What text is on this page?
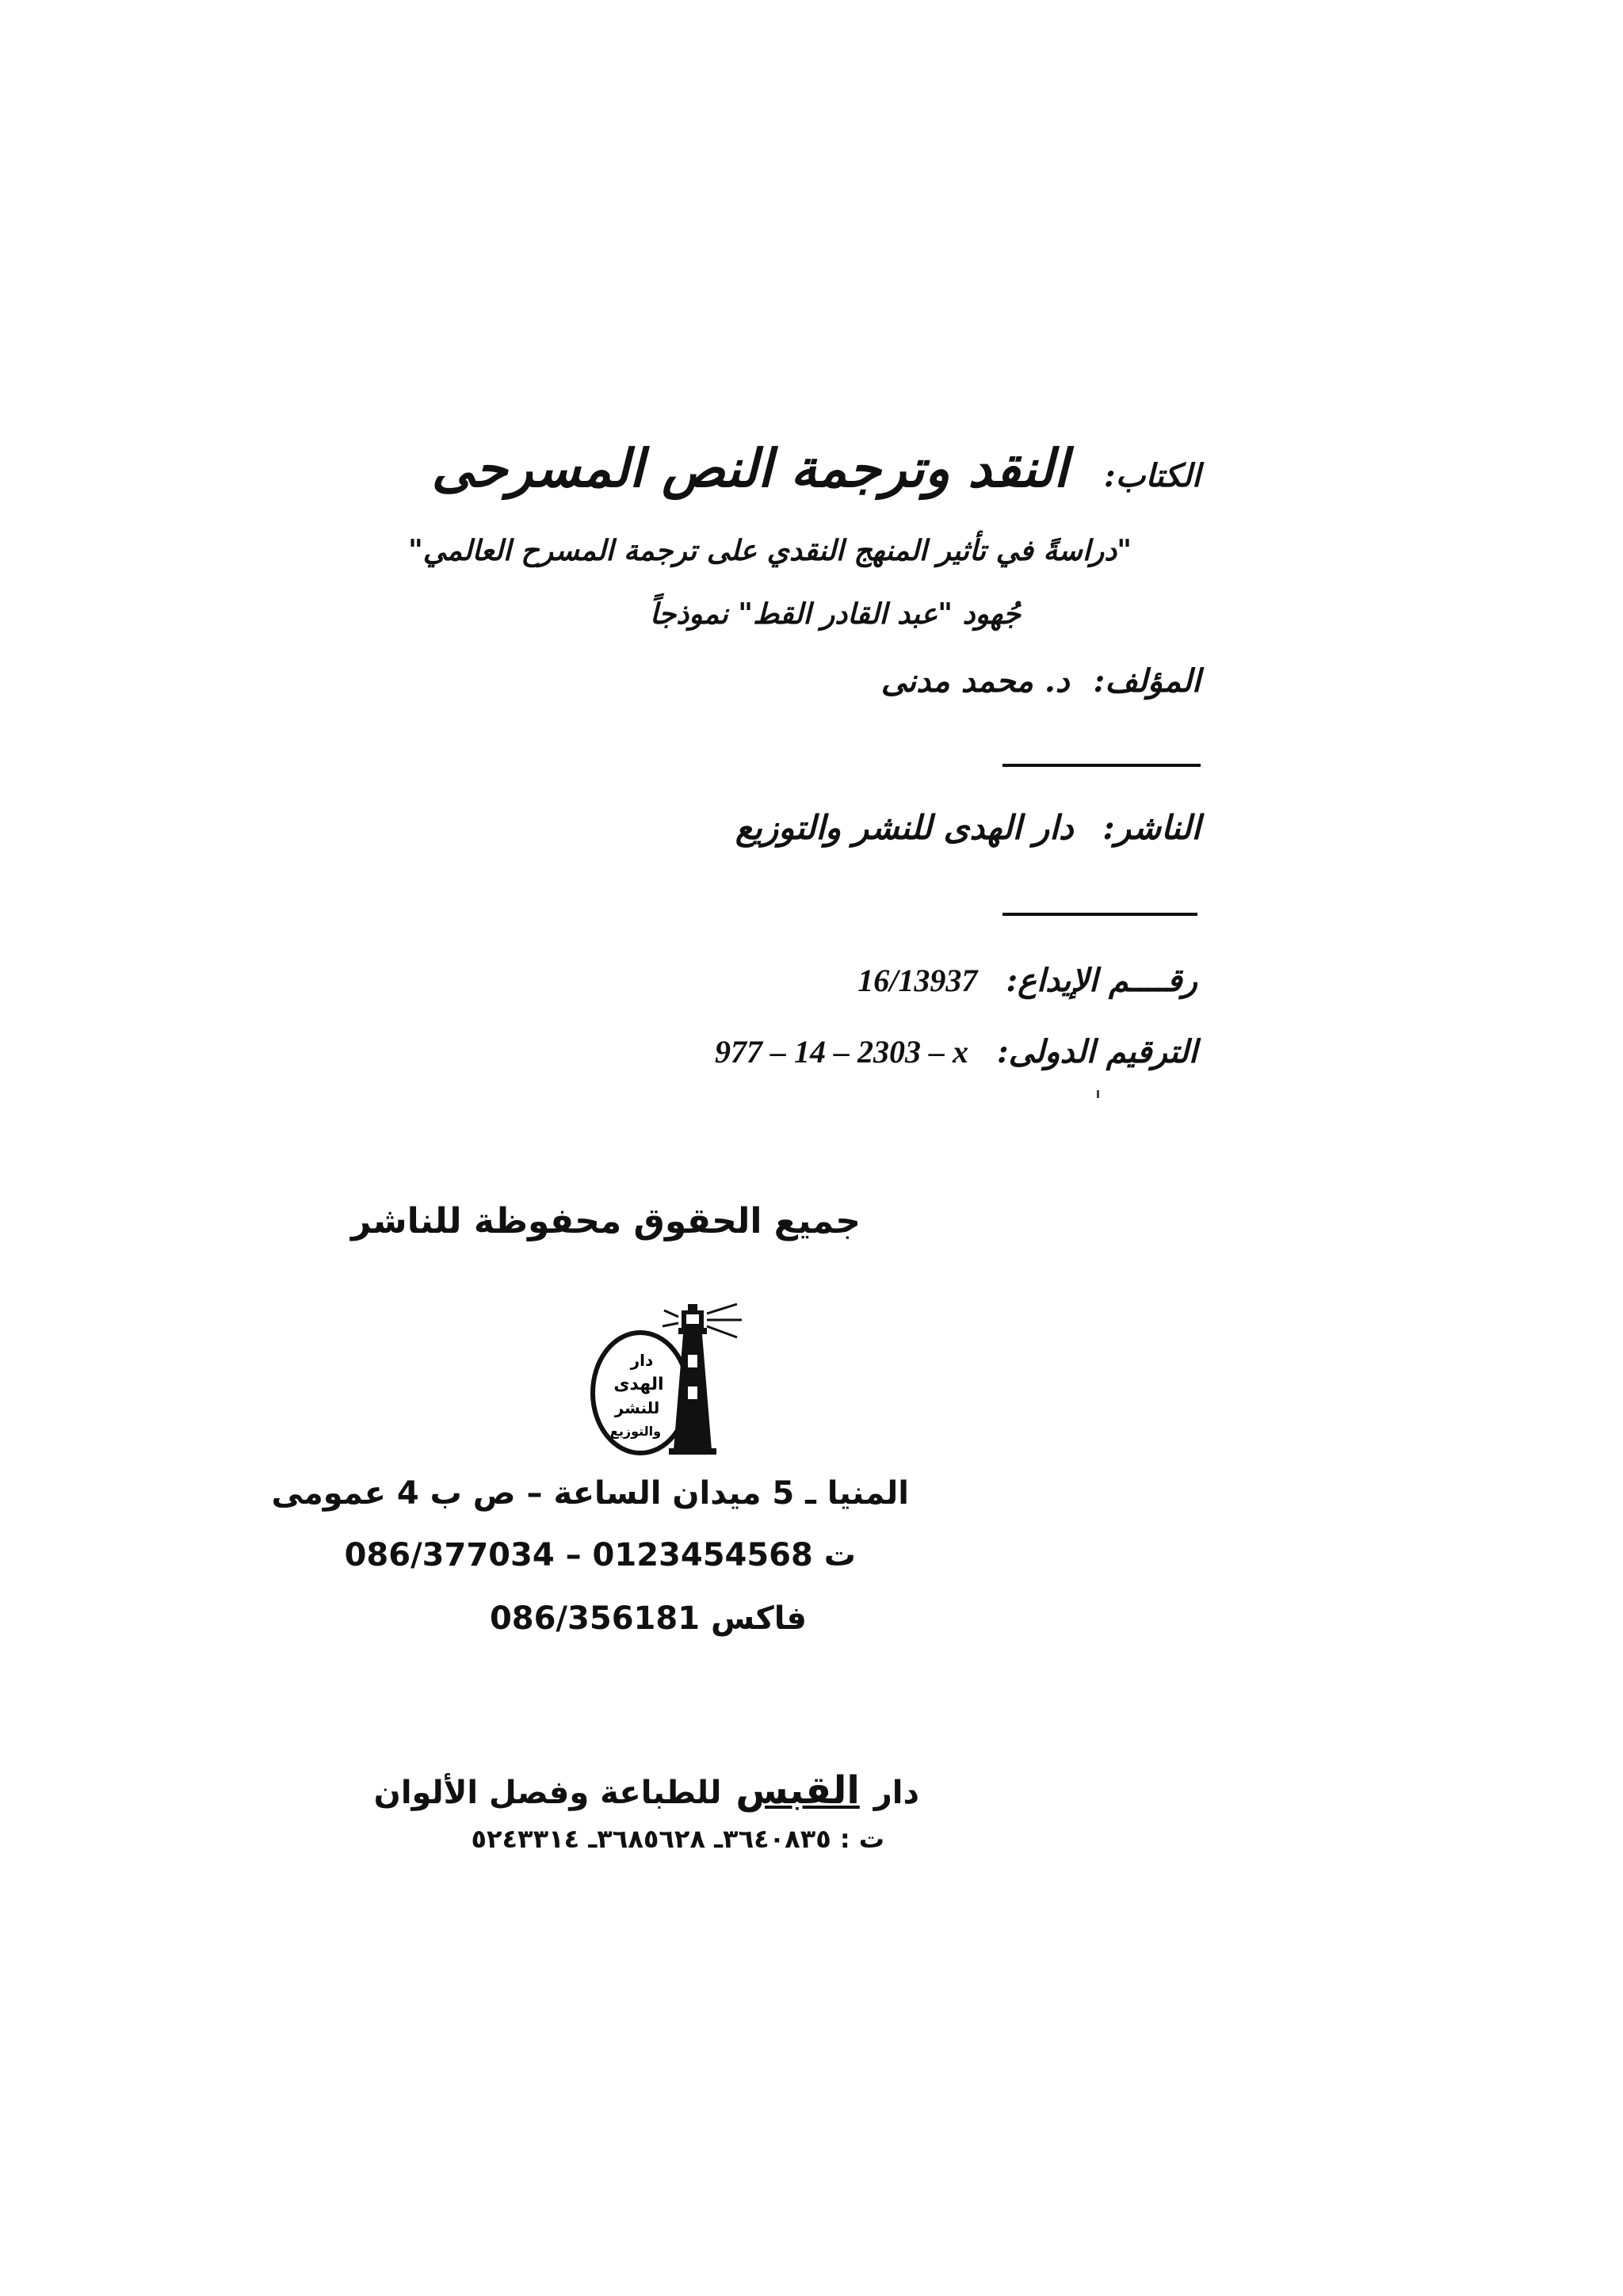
الكتاب: النقد وترجمة النص المسرحى
"دراسةً في تأثير المنهج النقدي على ترجمة المسرح العالمي"
جُهود "عبد القادر القط" نموذجاً
المؤلف: د. محمد مدنى
الناشر: دار الهدى للنشر والتوزيع
رقــــم الإيداع: 16/13937
الترقيم الدولى: 977 – 14 – 2303 – x
جميع الحقوق محفوظة للناشر
دار
الهدى
للنشر
والتوزيع
المنيا ـ 5 ميدان الساعة – ص ب 4 عمومى
ت 086/377034 – 0123454568
فاكس 086/356181
دار القبس للطباعة وفصل الألوان
ت : ٣٦٤٠٨٣٥ـ ٣٦٨٥٦٢٨ـ ٥٢٤٣٣١٤
